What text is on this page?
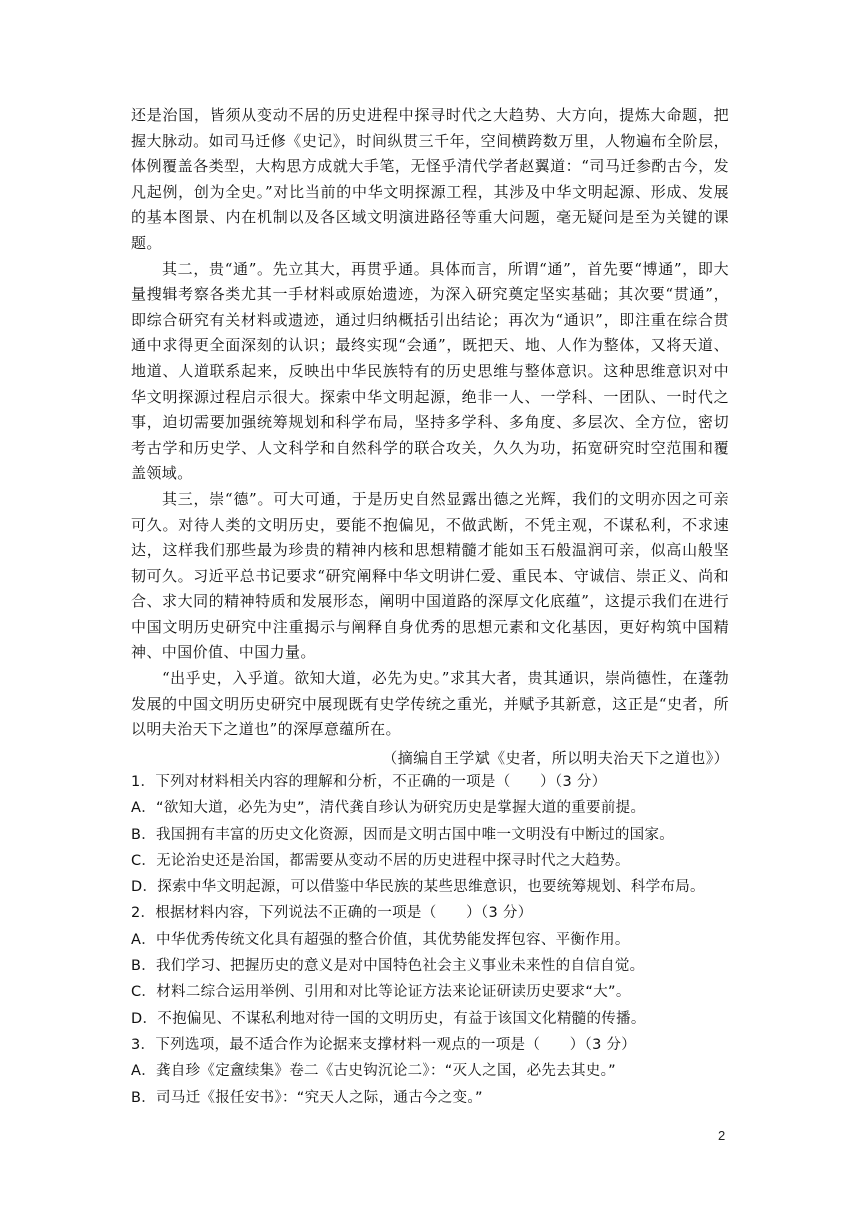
还是治国，皆须从变动不居的历史进程中探寻时代之大趋势、大方向，提炼大命题，把握大脉动。如司马迁修《史记》，时间纵贯三千年，空间横跨数万里，人物遍布全阶层，体例覆盖各类型，大构思方成就大手笔，无怪乎清代学者赵翼道：“司马迁参酌古今，发凡起例，创为全史。”对比当前的中华文明探源工程，其涉及中华文明起源、形成、发展的基本图景、内在机制以及各区域文明演进路径等重大问题，毫无疑问是至为关键的课题。

其二，贵“通”。先立其大，再贯乎通。具体而言，所谓“通”，首先要“博通”，即大量搜辑考察各类尤其一手材料或原始遗迹，为深入研究奠定坚实基础；其次要“贯通”，即综合研究有关材料或遗迹，通过归纳概括引出结论；再次为“通识”，即注重在综合贯通中求得更全面深刻的认识；最终实现“会通”，既把天、地、人作为整体，又将天道、地道、人道联系起来，反映出中华民族特有的历史思维与整体意识。这种思维意识对中华文明探源过程启示很大。探索中华文明起源，绝非一人、一学科、一团队、一时代之事，迫切需要加强统筹规划和科学布局，坚持多学科、多角度、多层次、全方位，密切考古学和历史学、人文科学和自然科学的联合攻关，久久为功，拓宽研究时空范围和覆盖领域。

其三，崇“德”。可大可通，于是历史自然显露出德之光辉，我们的文明亦因之可亲可久。对待人类的文明历史，要能不抱偏见，不做武断，不凭主观，不谋私利，不求速达，这样我们那些最为珍贵的精神内核和思想精髓才能如玉石般温润可亲，似高山般坚韧可久。习近平总书记要求“研究阐释中华文明讲仁爱、重民本、守诚信、崇正义、尚和合、求大同的精神特质和发展形态，阐明中国道路的深厚文化底蕴”，这提示我们在进行中国文明历史研究中注重揭示与阐释自身优秀的思想元素和文化基因，更好构筑中国精神、中国价值、中国力量。

“出乎史，入乎道。欲知大道，必先为史。”求其大者，贵其通识，崇尚德性，在蓬勃发展的中国文明历史研究中展现既有史学传统之重光，并赋予其新意，这正是“史者，所以明夫治天下之道也”的深厚意蕴所在。

（摘编自王学斌《史者，所以明夫治天下之道也》）

1．下列对材料相关内容的理解和分析，不正确的一项是（　　）（3 分）

A．“欲知大道，必先为史”，清代龚自珍认为研究历史是掌握大道的重要前提。

B．我国拥有丰富的历史文化资源，因而是文明古国中唯一文明没有中断过的国家。

C．无论治史还是治国，都需要从变动不居的历史进程中探寻时代之大趋势。

D．探索中华文明起源，可以借鉴中华民族的某些思维意识，也要统筹规划、科学布局。

2．根据材料内容，下列说法不正确的一项是（　　）（3 分）

A．中华优秀传统文化具有超强的整合价值，其优势能发挥包容、平衡作用。

B．我们学习、把握历史的意义是对中国特色社会主义事业未来性的自信自觉。

C．材料二综合运用举例、引用和对比等论证方法来论证研读历史要求“大”。

D．不抱偏见、不谋私利地对待一国的文明历史，有益于该国文化精髓的传播。

3．下列选项，最不适合作为论据来支撑材料一观点的一项是（　　）（3 分）

A．龚自珍《定盦续集》卷二《古史钩沉论二》：“灭人之国，必先去其史。”

B．司马迁《报任安书》：“究天人之际，通古今之变。”

2
